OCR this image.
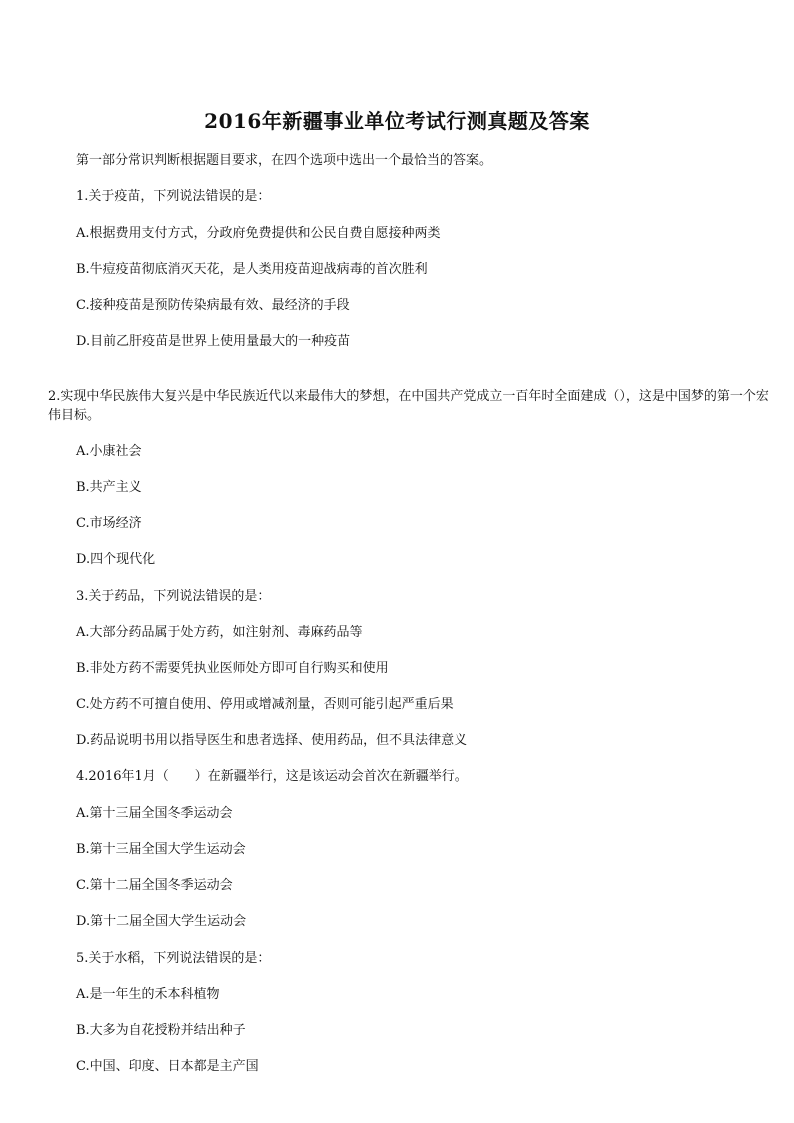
2016年新疆事业单位考试行测真题及答案
第一部分常识判断根据题目要求，在四个选项中选出一个最恰当的答案。
1.关于疫苗，下列说法错误的是：
A.根据费用支付方式，分政府免费提供和公民自费自愿接种两类
B.牛痘疫苗彻底消灭天花，是人类用疫苗迎战病毒的首次胜利
C.接种疫苗是预防传染病最有效、最经济的手段
D.目前乙肝疫苗是世界上使用量最大的一种疫苗
2.实现中华民族伟大复兴是中华民族近代以来最伟大的梦想，在中国共产党成立一百年时全面建成（），这是中国梦的第一个宏伟目标。
A.小康社会
B.共产主义
C.市场经济
D.四个现代化
3.关于药品，下列说法错误的是：
A.大部分药品属于处方药，如注射剂、毒麻药品等
B.非处方药不需要凭执业医师处方即可自行购买和使用
C.处方药不可擅自使用、停用或增减剂量，否则可能引起严重后果
D.药品说明书用以指导医生和患者选择、使用药品，但不具法律意义
4.2016年1月（　　）在新疆举行，这是该运动会首次在新疆举行。
A.第十三届全国冬季运动会
B.第十三届全国大学生运动会
C.第十二届全国冬季运动会
D.第十二届全国大学生运动会
5.关于水稻，下列说法错误的是：
A.是一年生的禾本科植物
B.大多为自花授粉并结出种子
C.中国、印度、日本都是主产国
